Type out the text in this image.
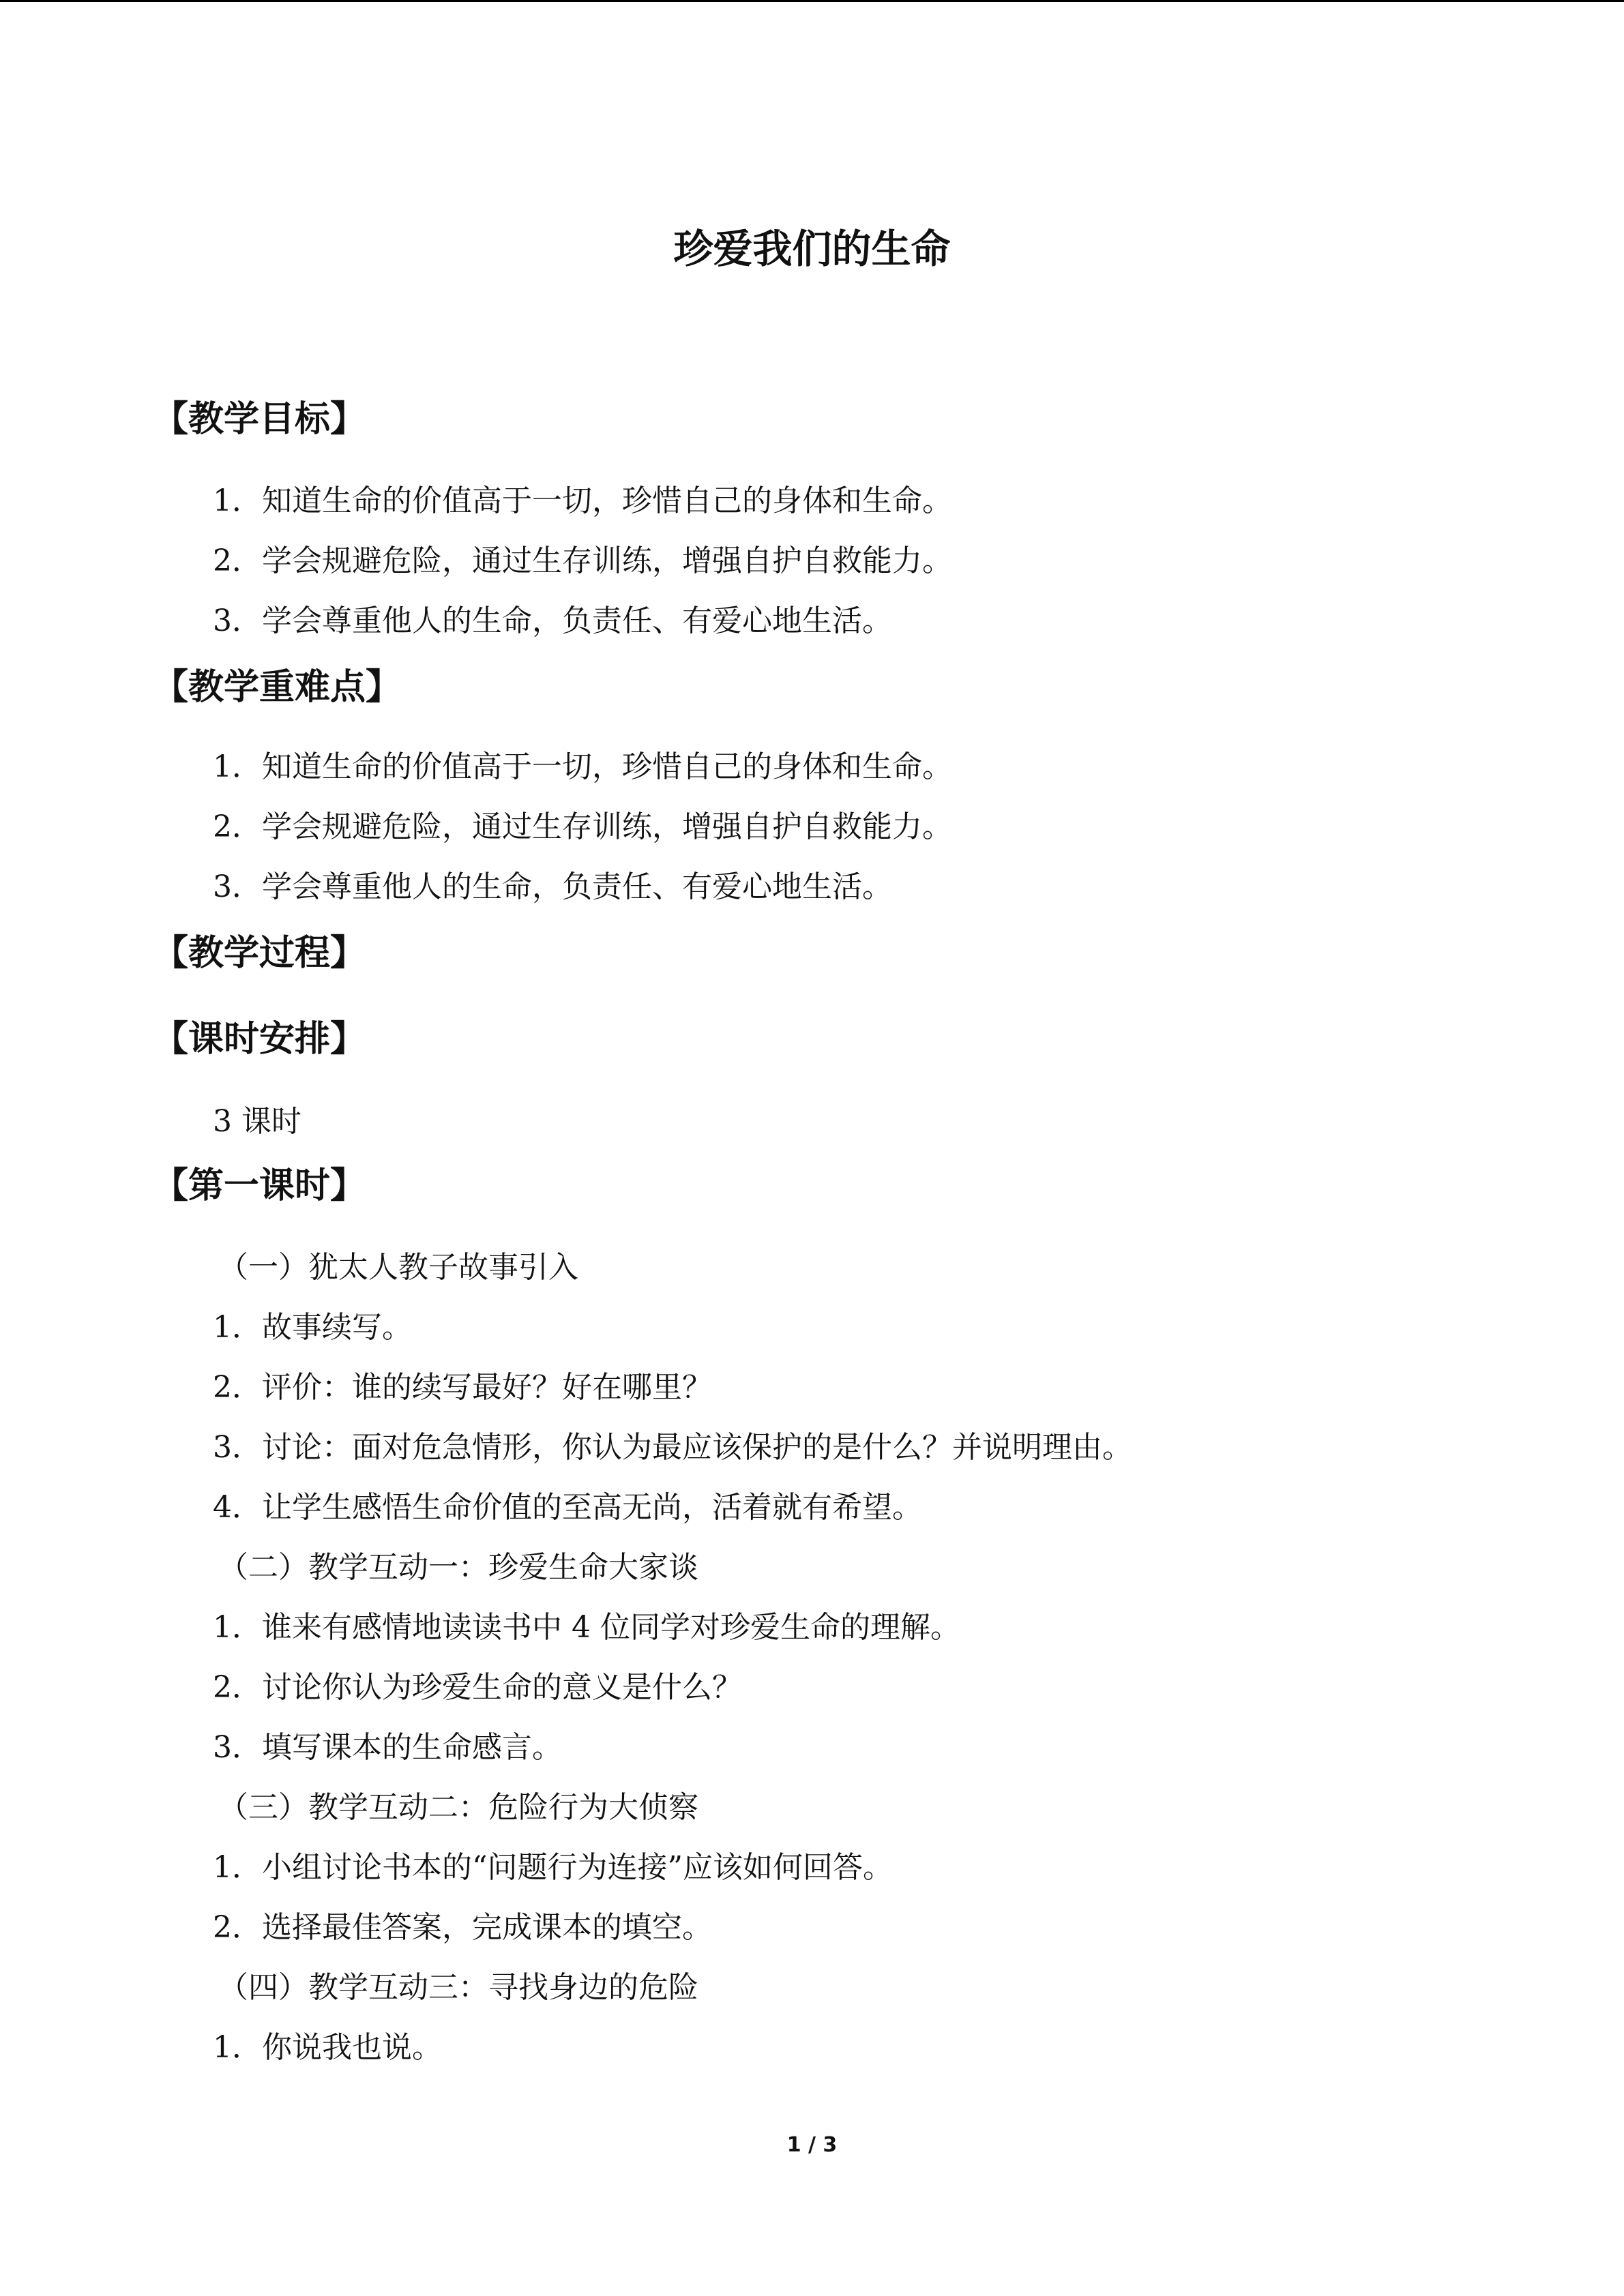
珍爱我们的生命
【教学目标】
1．知道生命的价值高于一切，珍惜自己的身体和生命。
2．学会规避危险，通过生存训练，增强自护自救能力。
3．学会尊重他人的生命，负责任、有爱心地生活。
【教学重难点】
1．知道生命的价值高于一切，珍惜自己的身体和生命。
2．学会规避危险，通过生存训练，增强自护自救能力。
3．学会尊重他人的生命，负责任、有爱心地生活。
【教学过程】
【课时安排】
3 课时
【第一课时】
（一）犹太人教子故事引入
1．故事续写。
2．评价：谁的续写最好？好在哪里？
3．讨论：面对危急情形，你认为最应该保护的是什么？并说明理由。
4．让学生感悟生命价值的至高无尚，活着就有希望。
（二）教学互动一：珍爱生命大家谈
1．谁来有感情地读读书中 4 位同学对珍爱生命的理解。
2．讨论你认为珍爱生命的意义是什么？
3．填写课本的生命感言。
（三）教学互动二：危险行为大侦察
1．小组讨论书本的“问题行为连接”应该如何回答。
2．选择最佳答案，完成课本的填空。
（四）教学互动三：寻找身边的危险
1．你说我也说。
1 / 3
